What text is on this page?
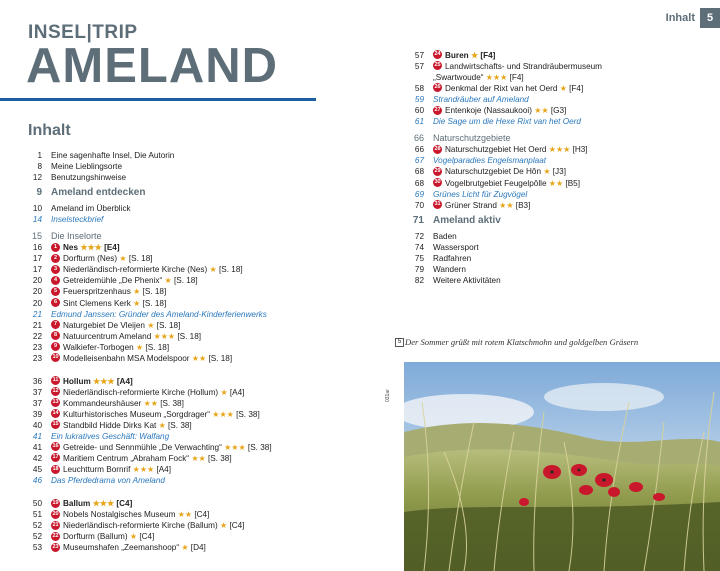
INSEL|TRIP
AMELAND
Inhalt
1 Eine sagenhafte Insel, Die Autorin
8 Meine Lieblingsorte
12 Benutzungshinweise
9 Ameland entdecken
10 Ameland im Überblick
14 Inselsteckbrief
15 Die Inselorte
16	1 Nes ★★★ [E4]
17	2 Dorfturm (Nes) ★ [S. 18]
17	3 Niederländisch-reformierte Kirche (Nes) ★ [S. 18]
20	4 Getreidemühle „De Phenix“ ★ [S. 18]
20	5 Feuerspritzenhaus ★ [S. 18]
20	6 Sint Clemens Kerk ★ [S. 18]
21 Edmund Janssen: Gründer des Ameland-Kinderferienwerks
21	7 Naturgebiet De Vleijen ★ [S. 18]
22	8 Natuurcentrum Ameland ★★★ [S. 18]
23	9 Walkiefer-Torbogen ★ [S. 18]
23 10 Modelleisenbahn MSA Modelspoor ★★ [S. 18]
36 11 Hollum ★★★ [A4]
37 12 Niederländisch-reformierte Kirche (Hollum) ★ [A4]
37 13 Kommandeurshäuser ★★ [S. 38]
39 14 Kulturhistorisches Museum „Sorgdrager“ ★★★ [S. 38]
40 15 Standbild Hidde Dirks Kat ★ [S. 38]
41 Ein lukratives Geschäft: Walfang
41 16 Getreide- und Sennmühle „De Verwachting“ ★★★ [S. 38]
42 17 Maritiem Centrum „Abraham Fock“ ★★ [S. 38]
45 18 Leuchtturm Bornrif ★★★ [A4]
46 Das Pferdedrama von Ameland
50 19 Ballum ★★★ [C4]
51 20 Nobels Nostalgisches Museum ★★ [C4]
52 21 Niederländisch-reformierte Kirche (Ballum) ★ [C4]
52 22 Dorfturm (Ballum) ★ [C4]
53 23 Museumshafen „Zeemanshoop“ ★ [D4]
Inhalt 5
57 24 Buren ★ [F4]
57 25 Landwirtschafts- und Strandräubermuseum
„Swartwoude“ ★★★ [F4]
58 26 Denkmal der Rixt van het Oerd ★ [F4]
59 Strandräuber auf Ameland
60 27 Entenkoje (Nassaukooi) ★★ [G3]
61 Die Sage um die Hexe Rixt van het Oerd
66 Naturschutzgebiete
66 28 Naturschutzgebiet Het Oerd ★★★ [H3]
67 Vogelparadies Engelsmanplaat
68 29 Naturschutzgebiet De Hôn ★ [J3]
68 30 Vogelbrutgebiet Feugelpôlle ★★ [B5]
69 Grünes Licht für Zugvögel
70 31 Grüner Strand ★★ [B3]
71 Ameland aktiv
72 Baden
74 Wassersport
75 Radfahren
79 Wandern
82 Weitere Aktivitäten
5 Der Sommer grüßt mit rotem Klatschmohn und goldgelben Gräsern
031ar
